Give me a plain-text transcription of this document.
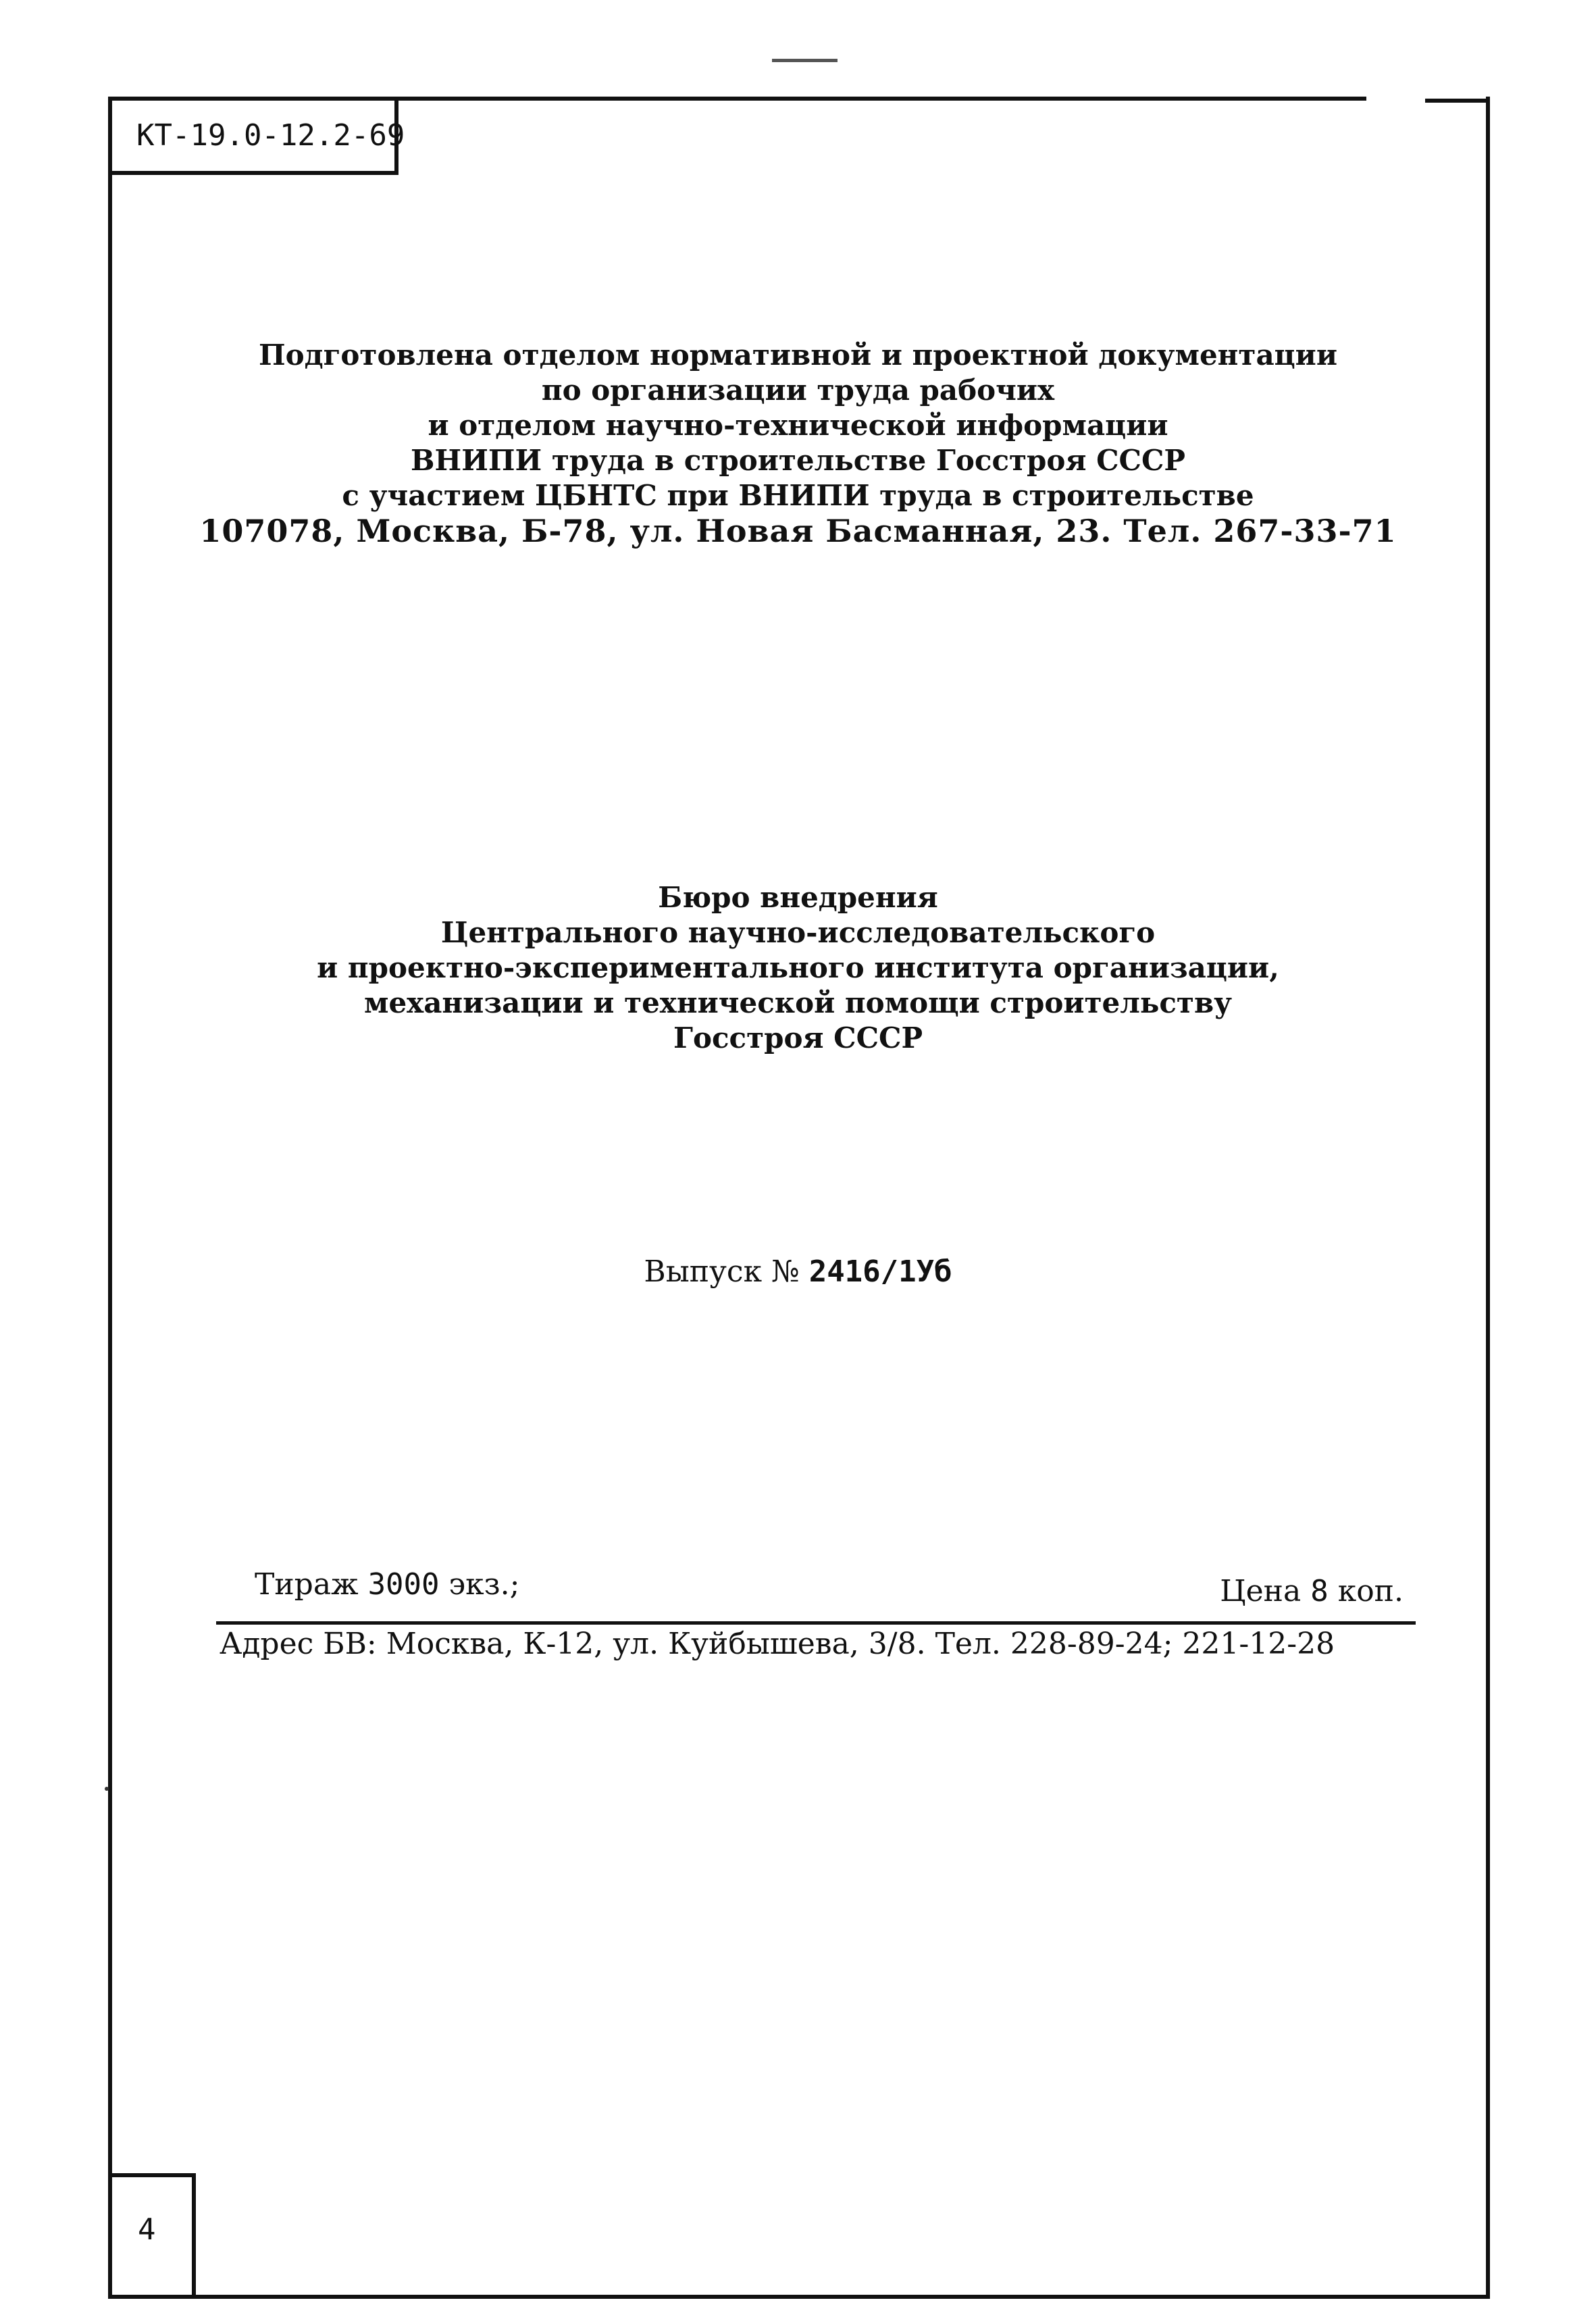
КТ-19.0-12.2-69
Подготовлена отделом нормативной и проектной документации
по организации труда рабочих
и отделом научно-технической информации
ВНИПИ труда в строительстве Госстроя СССР
с участием ЦБНТС при ВНИПИ труда в строительстве
107078, Москва, Б-78, ул. Новая Басманная, 23. Тел. 267-33-71
Бюро внедрения
Центрального научно-исследовательского
и проектно-экспериментального института организации,
механизации и технической помощи строительству
Госстроя СССР
Выпуск № 2416/1Уб
Тираж 3000 экз.;	Цена 8 коп.
Адрес БВ: Москва, К-12, ул. Куйбышева, 3/8. Тел. 228-89-24; 221-12-28
4
